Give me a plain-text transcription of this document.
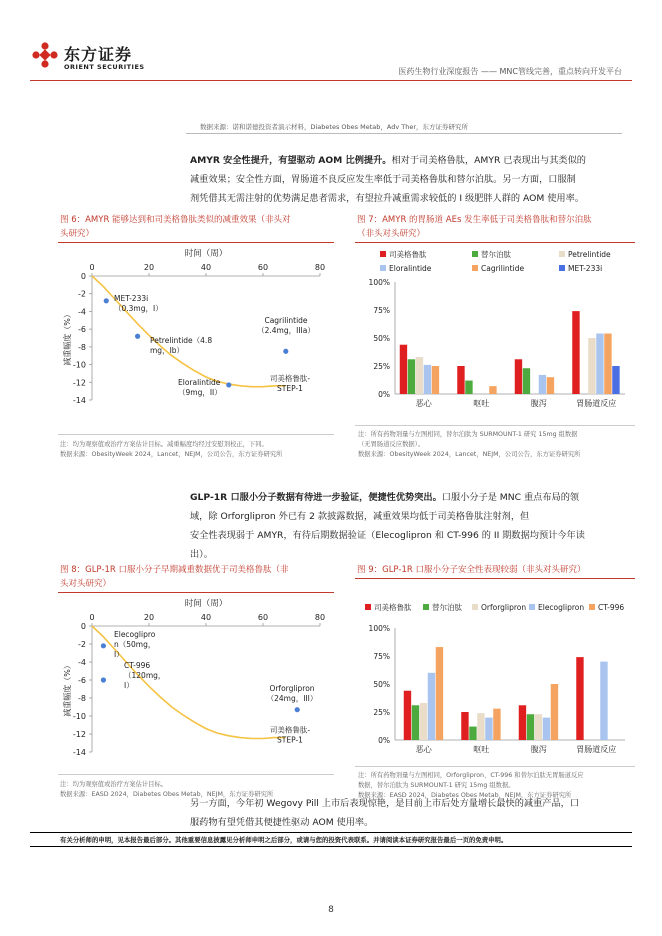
东方证券
ORIENT SECURITIES	医药生物行业深度报告 —— MNC管线完善，重点转向开发平台
数据来源：诺和诺德投资者演示材料，Diabetes Obes Metab，Adv Ther，东方证券研究所
AMYR 安全性提升，有望驱动 AOM 比例提升。相对于司美格鲁肽，AMYR 已表现出与其类似的
减重效果；安全性方面，胃肠道不良反应发生率低于司美格鲁肽和替尔泊肽。另一方面，口服制
剂凭借其无需注射的优势满足患者需求，有望拉升减重需求较低的 I 级肥胖人群的 AOM 使用率。
图 6：AMYR 能够达到和司美格鲁肽类似的减重效果（非头对
头研究）
时间（周）
0	20	40	60	80
0
-2
-4
-6
-8
-10
-12
-14
减重幅度（%）
司美格鲁肽-
STEP-1
MET-233i
（0.3mg，I）
Petrelintide（4.8
mg，Ib）
Eloralintide
（9mg，II）
Cagrilintide
（2.4mg，IIIa）
注：均为观察值或治疗方案估计目标。减重幅度均经过安慰剂校正，下同。
数据来源：ObesityWeek 2024，Lancet，NEJM，公司公告，东方证券研究所
图 7：AMYR 的胃肠道 AEs 发生率低于司美格鲁肽和替尔泊肽
（非头对头研究）
司美格鲁肽	替尔泊肽	Petrelintide
Eloralintide	Cagrilintide	MET-233i
0%
25%
50%
75%
100%
恶心	呕吐	腹泻	胃肠道反应
注：所有药物剂量与左图相同，替尔泊肽为 SURMOUNT-1 研究 15mg 组数据
（无胃肠道反应数据）。
数据来源：ObesityWeek 2024，Lancet，NEJM，公司公告，东方证券研究所
GLP-1R 口服小分子数据有待进一步验证，便捷性优势突出。口服小分子是 MNC 重点布局的领
域，除 Orforglipron 外已有 2 款披露数据，减重效果均低于司美格鲁肽注射剂，但
安全性表现弱于 AMYR，有待后期数据验证（Elecoglipron 和 CT-996 的 II 期数据均预计今年读
出）。
图 8：GLP-1R 口服小分子早期减重数据优于司美格鲁肽（非
头对头研究）
时间（周）
0	20	40	60	80
0
-2
-4
-6
-8
-10
-12
-14
减重幅度（%）
司美格鲁肽-
STEP-1
Elecoglipro
n（50mg，
I）
CT-996
（120mg，
I）	Orforglipron
（24mg，III）
注：均为观察值或治疗方案估计目标。
数据来源：EASD 2024，Diabetes Obes Metab，NEJM，东方证券研究所
图 9：GLP-1R 口服小分子安全性表现较弱（非头对头研究）
司美格鲁肽	替尔泊肽	Orforglipron Elecoglipron CT-996
0%
25%
50%
75%
100%
恶心	呕吐	腹泻	胃肠道反应
注：所有药物剂量与左图相同，Orforglipron、CT-996 和替尔泊肽无胃肠道反应
数据，替尔泊肽为 SURMOUNT-1 研究 15mg 组数据。
数据来源：EASD 2024，Diabetes Obes Metab，NEJM，东方证券研究所
另一方面，今年初 Wegovy Pill 上市后表现惊艳，是目前上市后处方量增长最快的减重产品，口
服药物有望凭借其便捷性驱动 AOM 使用率。
有关分析师的申明，见本报告最后部分。其他重要信息披露见分析师申明之后部分，或请与您的投资代表联系。并请阅读本证券研究报告最后一页的免责申明。
8
